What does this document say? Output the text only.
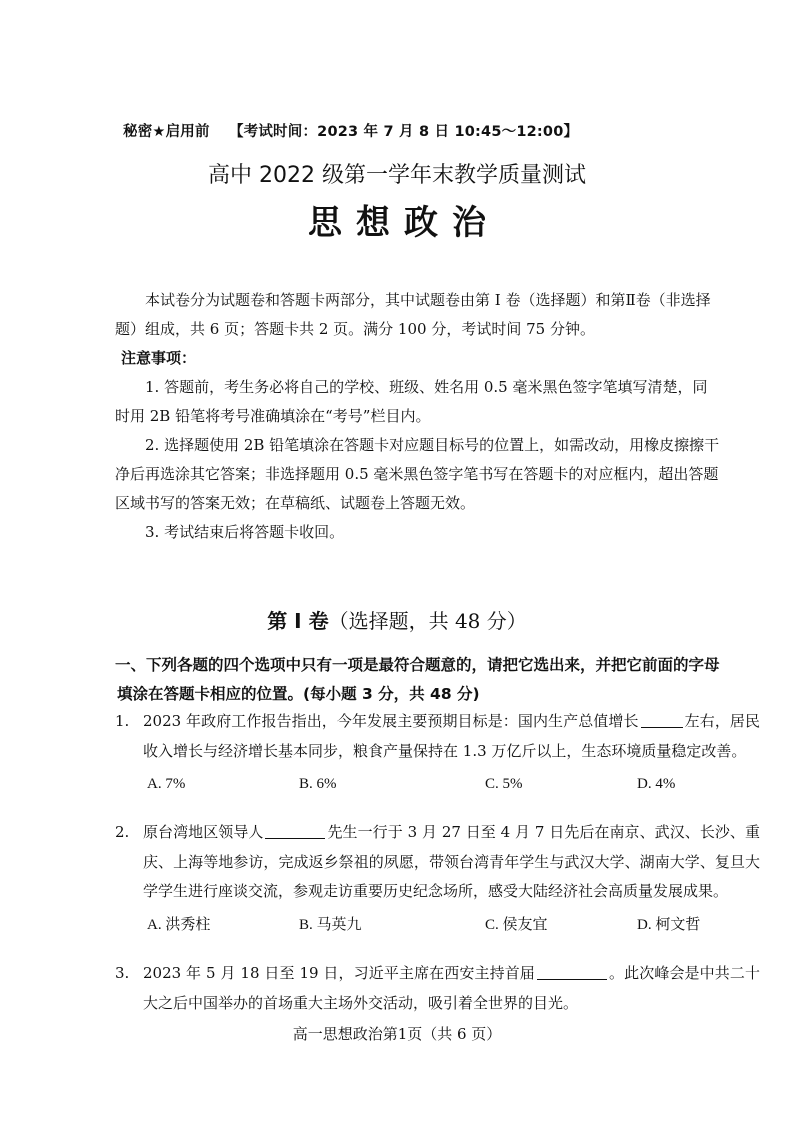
秘密★启用前 【考试时间：2023 年 7 月 8 日 10:45～12:00】
高中 2022 级第一学年末教学质量测试
思想政治

本试卷分为试题卷和答题卡两部分，其中试题卷由第 I 卷（选择题）和第Ⅱ卷（非选择

题）组成，共 6 页；答题卡共 2 页。满分 100 分，考试时间 75 分钟。

注意事项：

1. 答题前，考生务必将自己的学校、班级、姓名用 0.5 毫米黑色签字笔填写清楚，同

时用 2B 铅笔将考号准确填涂在“考号”栏目内。

2. 选择题使用 2B 铅笔填涂在答题卡对应题目标号的位置上，如需改动，用橡皮擦擦干

净后再选涂其它答案；非选择题用 0.5 毫米黑色签字笔书写在答题卡的对应框内，超出答题

区域书写的答案无效；在草稿纸、试题卷上答题无效。

3. 考试结束后将答题卡收回。

第 I 卷（选择题，共 48 分）

一、下列各题的四个选项中只有一项是最符合题意的，请把它选出来，并把它前面的字母

填涂在答题卡相应的位置。(每小题 3 分，共 48 分)

1. 2023 年政府工作报告指出，今年发展主要预期目标是：国内生产总值增长	左右，居民收入增长与经济增长基本同步，粮食产量保持在 1.3 万亿斤以上，生态环境质量稳定改善。
A. 7%	B. 6%	C. 5%	D. 4%
2. 原台湾地区领导人	先生一行于 3 月 27 日至 4 月 7 日先后在南京、武汉、长沙、重庆、上海等地参访，完成返乡祭祖的夙愿，带领台湾青年学生与武汉大学、湖南大学、复旦大学学生进行座谈交流，参观走访重要历史纪念场所，感受大陆经济社会高质量发展成果。
A. 洪秀柱	B. 马英九	C. 侯友宜	D. 柯文哲
3. 2023 年 5 月 18 日至 19 日，习近平主席在西安主持首届	。此次峰会是中共二十大之后中国举办的首场重大主场外交活动，吸引着全世界的目光。
高一思想政治第1页（共 6 页）
